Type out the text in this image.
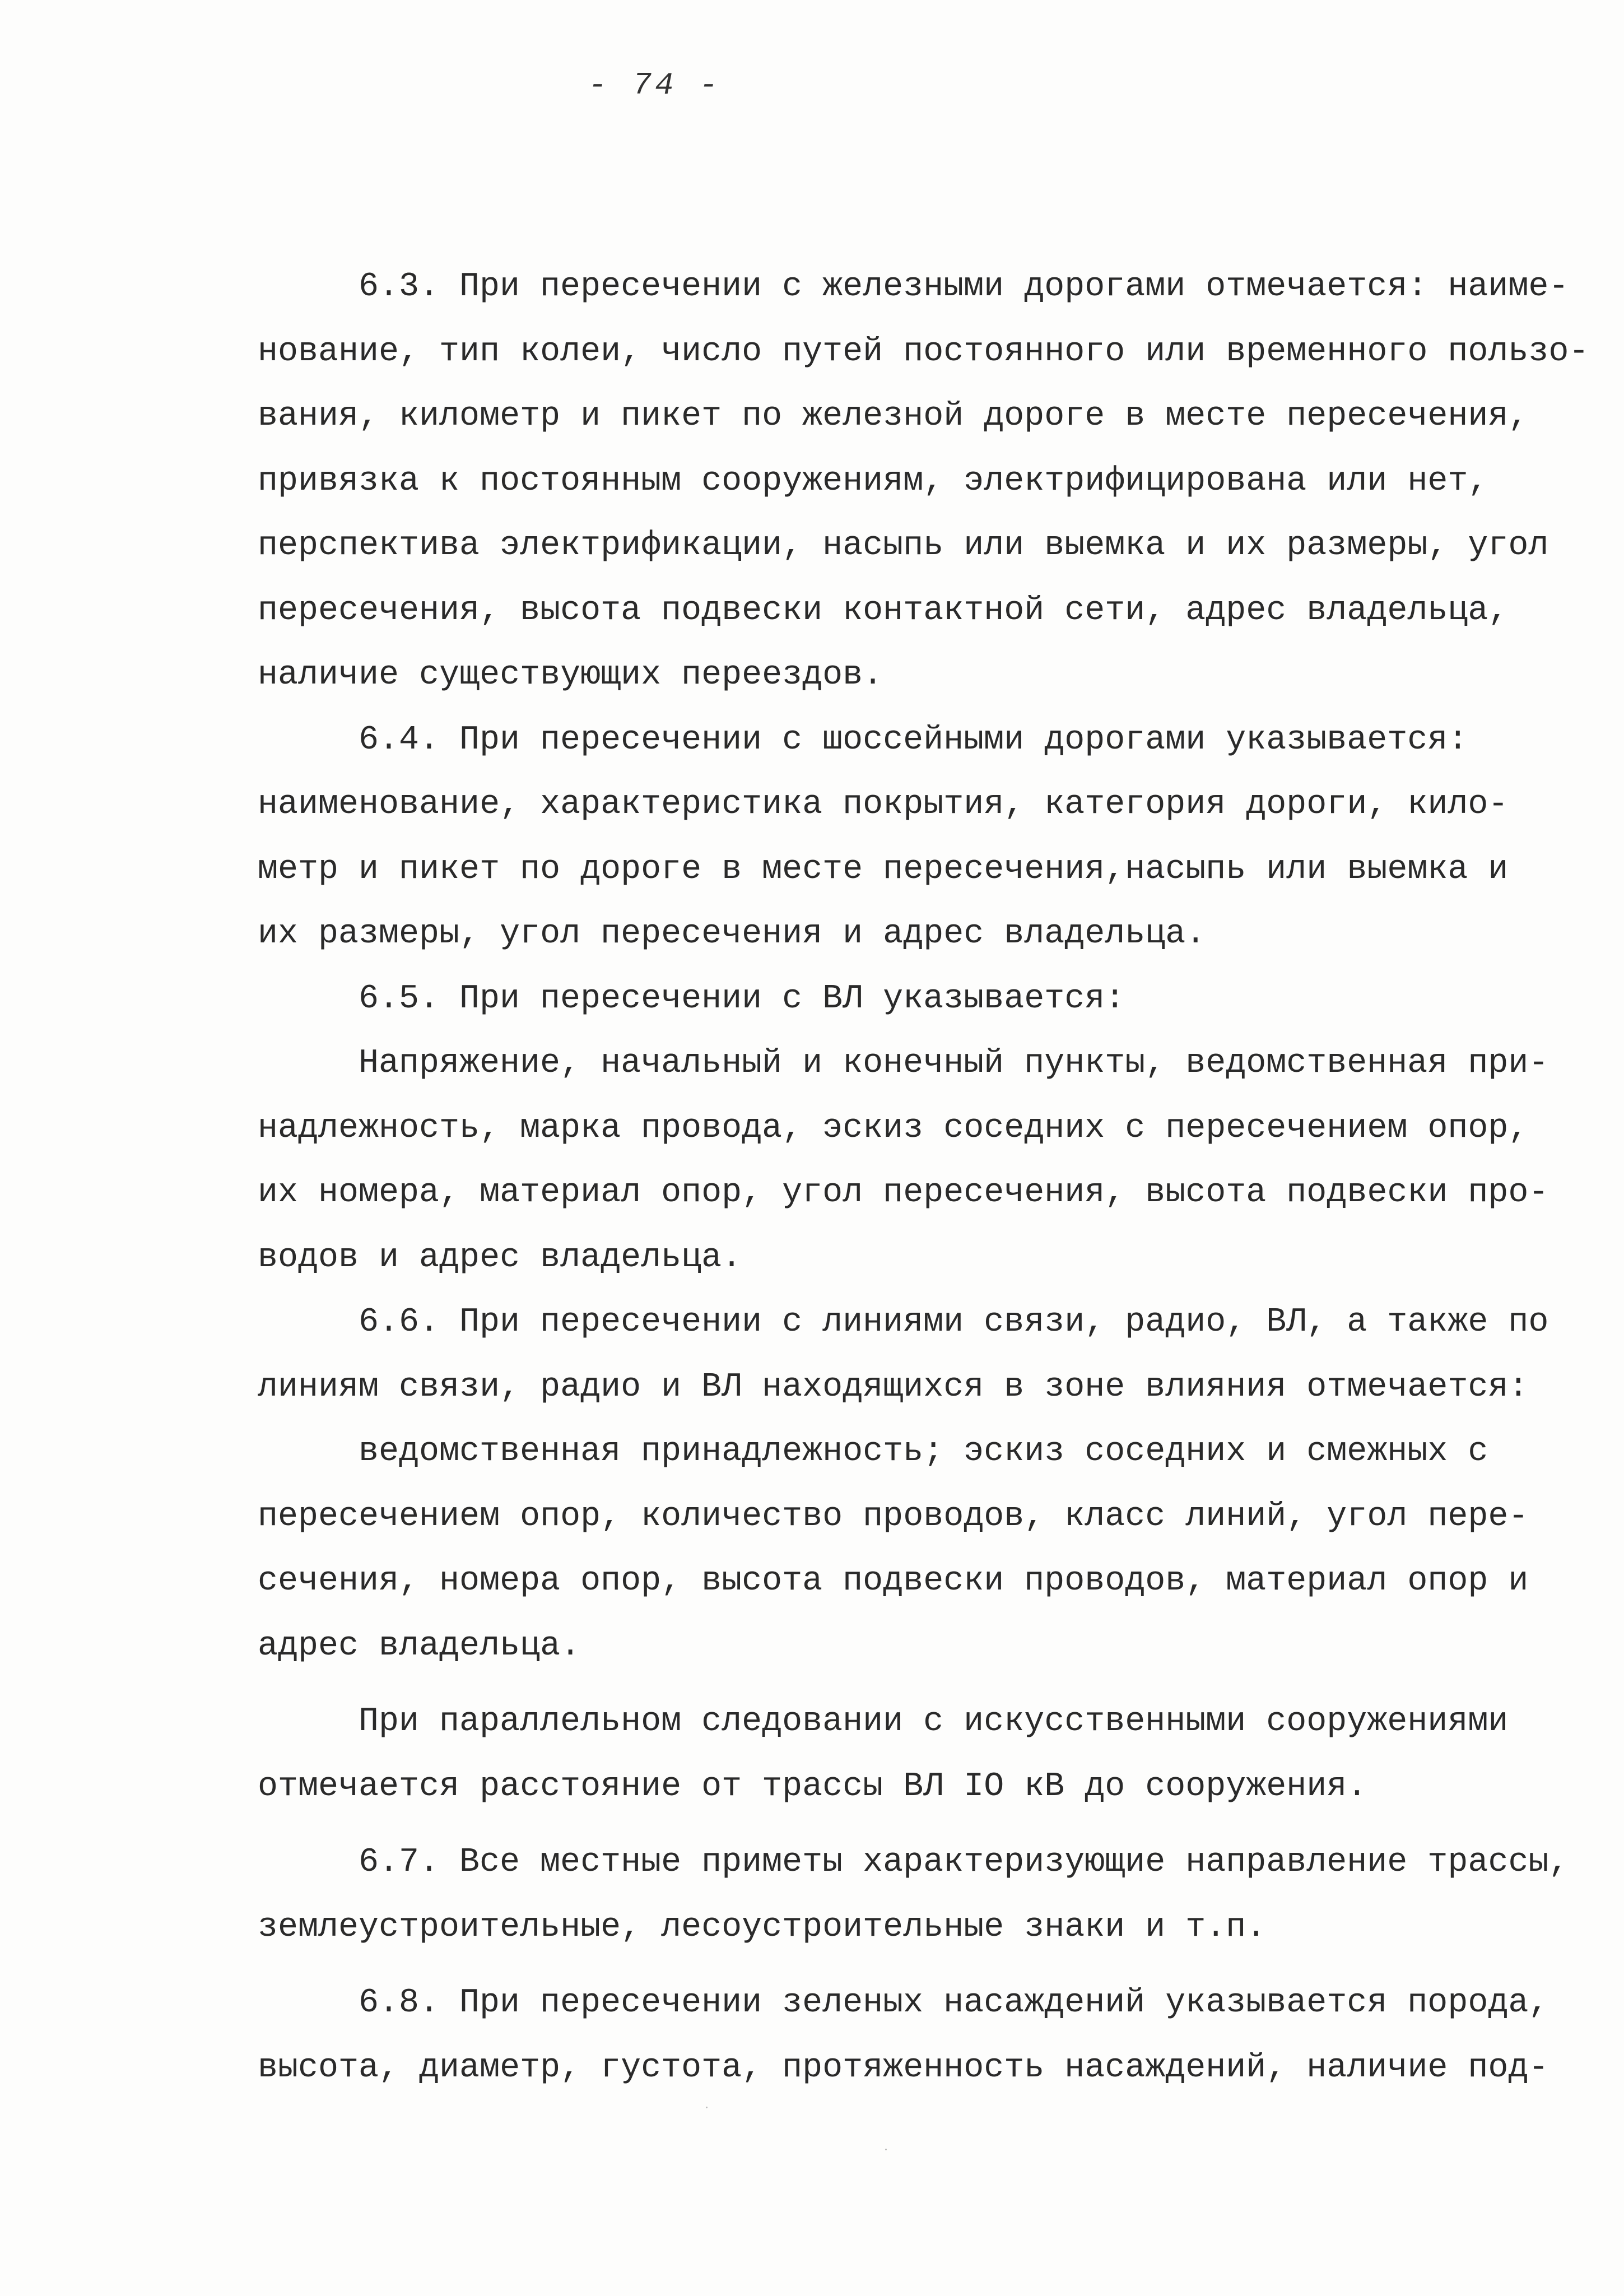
- 74 -

6.3. При пересечении с железными дорогами отмечается: наиме-

нование, тип колеи, число путей постоянного или временного пользо-

вания, километр и пикет по железной дороге в месте пересечения,

привязка к постоянным сооружениям, электрифицирована или нет,

перспектива электрификации, насыпь или выемка и их размеры, угол

пересечения, высота подвески контактной сети, адрес владельца,

наличие существующих переездов.

6.4. При пересечении с шоссейными дорогами указывается:

наименование, характеристика покрытия, категория дороги, кило-

метр и пикет по дороге в месте пересечения,насыпь или выемка и

их размеры, угол пересечения и адрес владельца.

6.5. При пересечении с ВЛ указывается:

Напряжение, начальный и конечный пункты, ведомственная при-

надлежность, марка провода, эскиз соседних с пересечением опор,

их номера, материал опор, угол пересечения, высота подвески про-

водов и адрес владельца.

6.6. При пересечении с линиями связи, радио, ВЛ, а также по

линиям связи, радио и ВЛ находящихся в зоне влияния отмечается:

ведомственная принадлежность; эскиз соседних и смежных с

пересечением опор, количество проводов, класс линий, угол пере-

сечения, номера опор, высота подвески проводов, материал опор и

адрес владельца.

При параллельном следовании с искусственными сооружениями

отмечается расстояние от трассы ВЛ IO кВ до сооружения.

6.7. Все местные приметы характеризующие направление трассы,

землеустроительные, лесоустроительные знаки и т.п.

6.8. При пересечении зеленых насаждений указывается порода,

высота, диаметр, густота, протяженность насаждений, наличие под-
